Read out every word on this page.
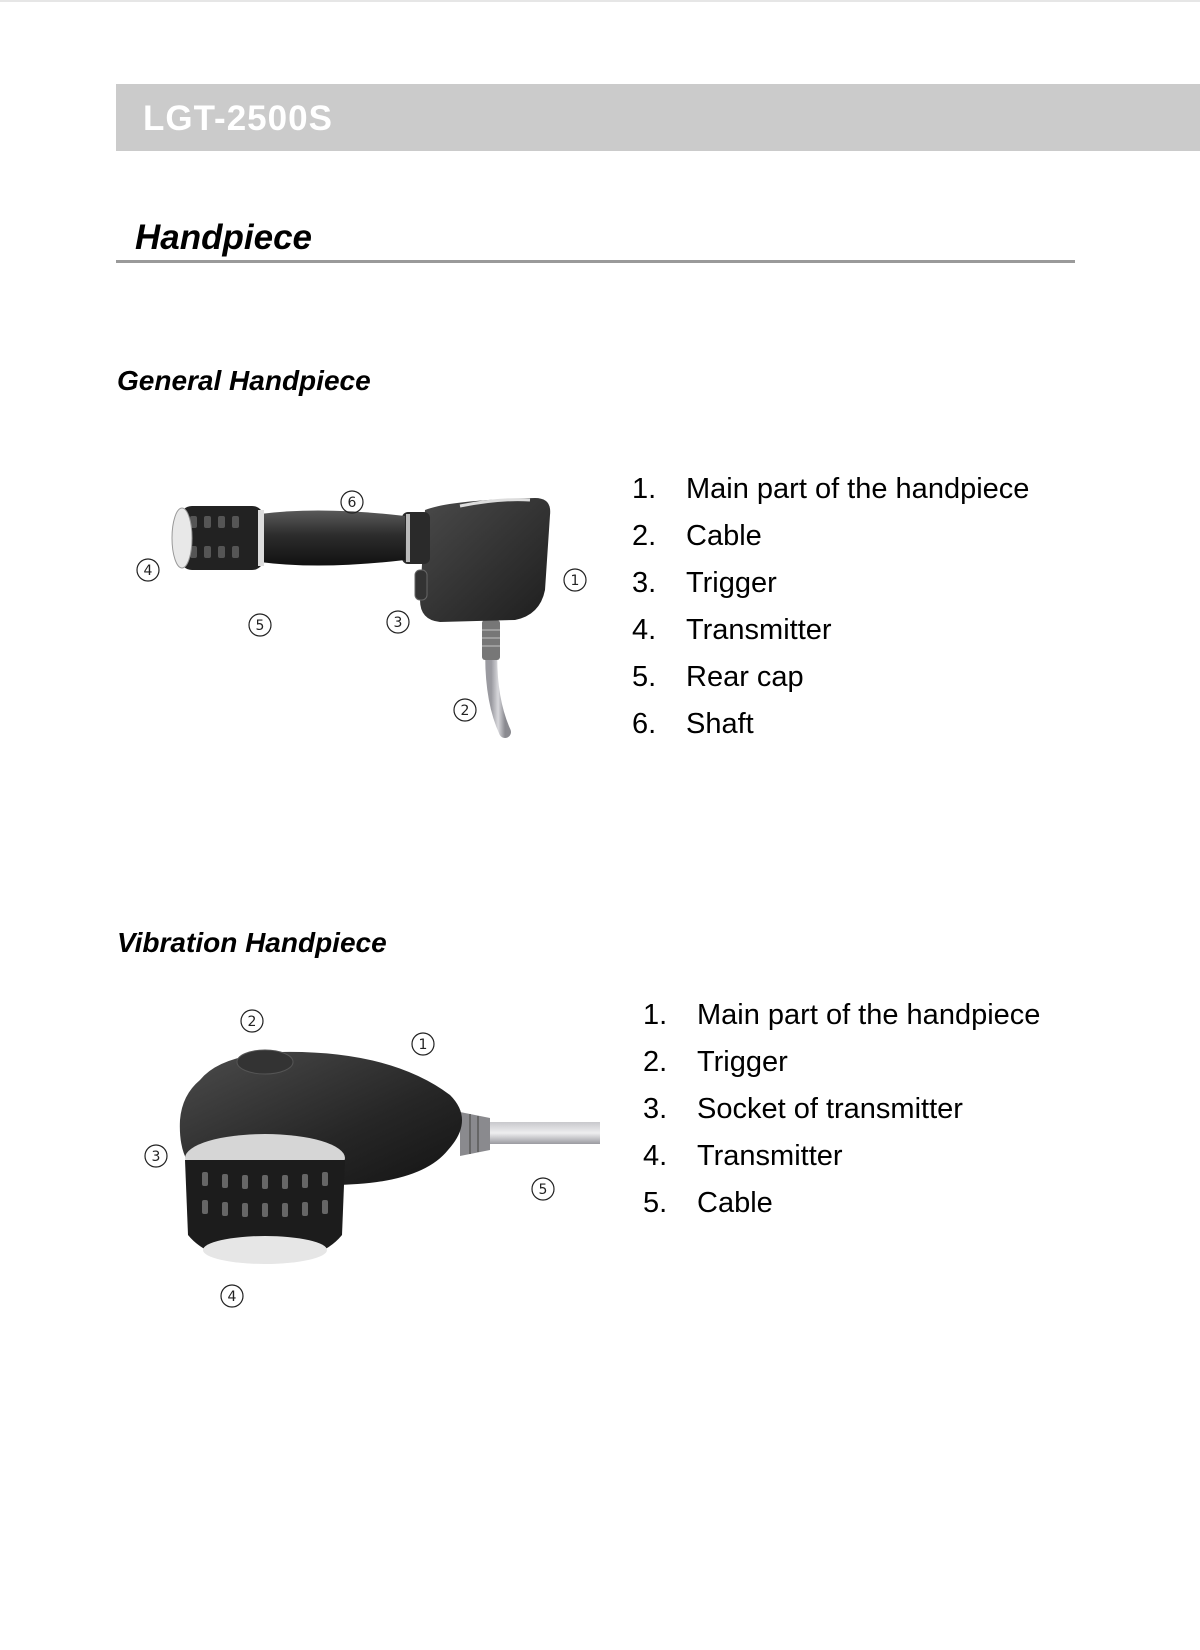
LGT-2500S
Handpiece
General Handpiece
1
2
3
4
5
6	1.	Main part of the handpiece
2.	Cable
3.	Trigger
4.	Transmitter
5.	Rear cap
6.	Shaft
Vibration Handpiece
1
2
3
4
5
1.	Main part of the handpiece
2.	Trigger
3.	Socket of transmitter
4.	Transmitter
5.	Cable
